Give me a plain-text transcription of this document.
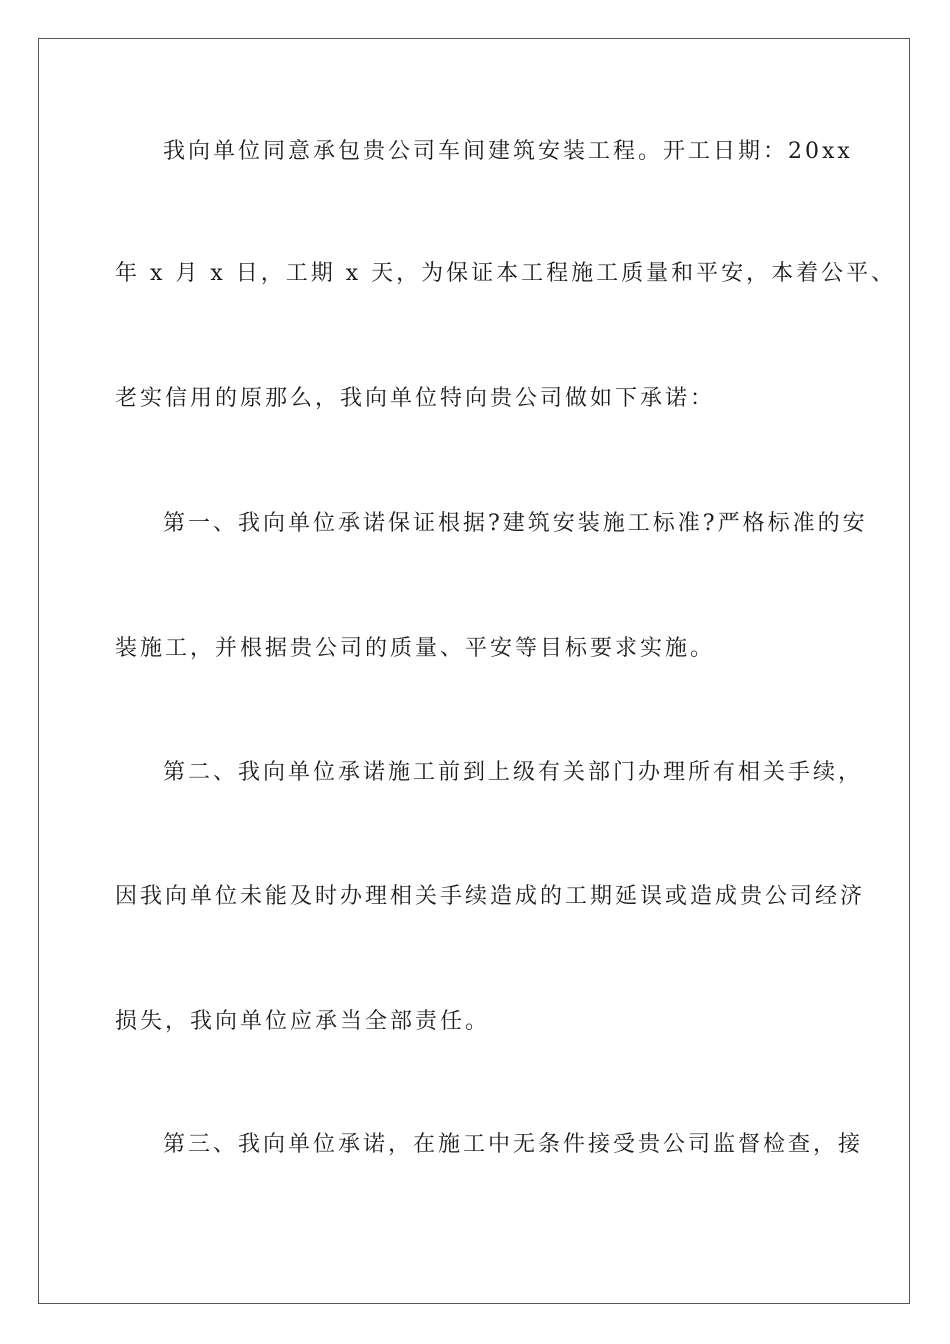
我向单位同意承包贵公司车间建筑安装工程。开工日期：20xx
年 x 月 x 日，工期 x 天，为保证本工程施工质量和平安，本着公平、
老实信用的原那么，我向单位特向贵公司做如下承诺：
第一、我向单位承诺保证根据?建筑安装施工标准?严格标准的安
装施工，并根据贵公司的质量、平安等目标要求实施。
第二、我向单位承诺施工前到上级有关部门办理所有相关手续，
因我向单位未能及时办理相关手续造成的工期延误或造成贵公司经济
损失，我向单位应承当全部责任。
第三、我向单位承诺，在施工中无条件接受贵公司监督检查，接
